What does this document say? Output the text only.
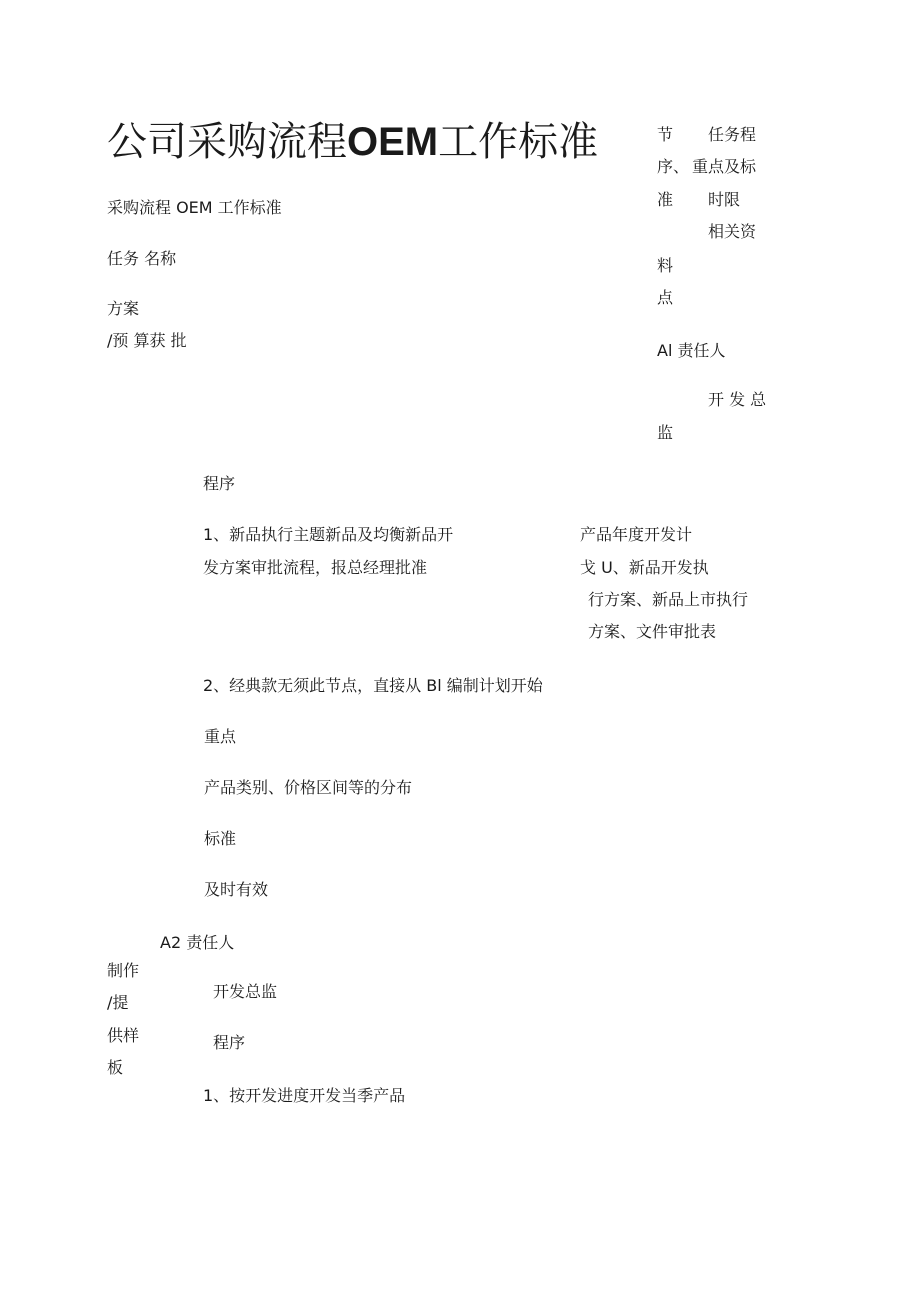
公司采购流程OEM工作标准
采购流程 OEM 工作标准
任务 名称
方案
/预 算获 批
节
序、
准
任务程
重点及标
时限
相关资
料
点
Al 责任人
开 发 总
监
程序
1、新品执行主题新品及均衡新品开
发方案审批流程，报总经理批准
产品年度开发计
戈 U、新品开发执
行方案、新品上市执行
方案、文件审批表
2、经典款无须此节点，直接从 Bl 编制计划开始
重点
产品类别、价格区间等的分布
标准
及时有效
A2 责任人
制作
开发总监
/提
供样	程序
板
1、按开发进度开发当季产品
